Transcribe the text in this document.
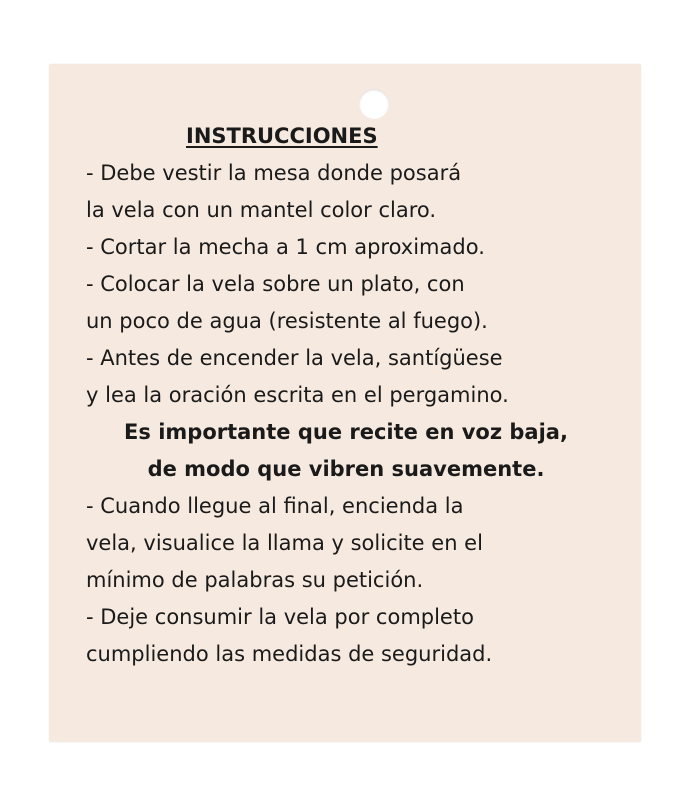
INSTRUCCIONES
- Debe vestir la mesa donde posará
la vela con un mantel color claro.
- Cortar la mecha a 1 cm aproximado.
- Colocar la vela sobre un plato, con
un poco de agua (resistente al fuego).
- Antes de encender la vela, santígüese
y lea la oración escrita en el pergamino.
Es importante que recite en voz baja,
de modo que vibren suavemente.
- Cuando llegue al final, encienda la
vela, visualice la llama y solicite en el
mínimo de palabras su petición.
- Deje consumir la vela por completo
cumpliendo las medidas de seguridad.
